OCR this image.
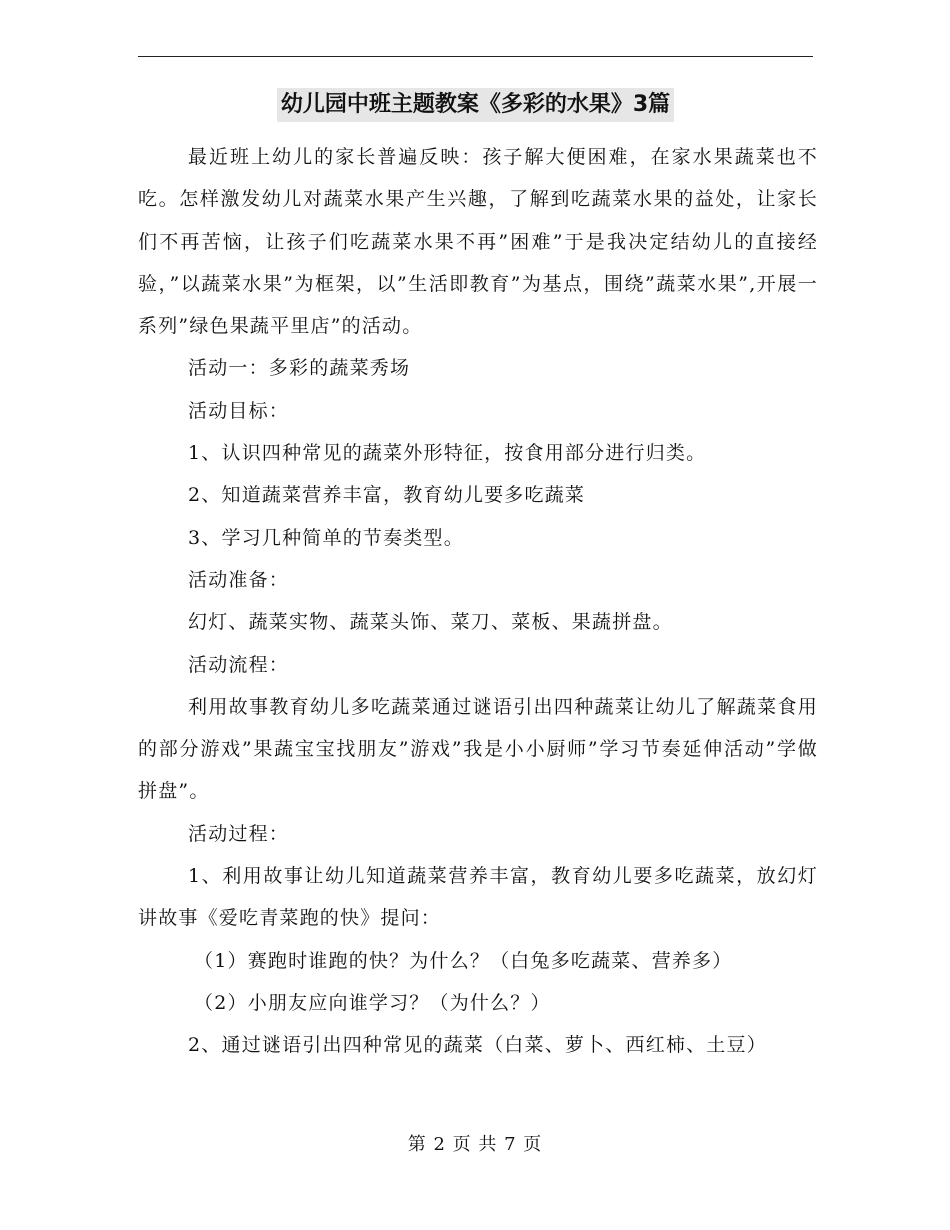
幼儿园中班主题教案《多彩的水果》3篇

最近班上幼儿的家长普遍反映：孩子解大便困难，在家水果蔬菜也不吃。怎样激发幼儿对蔬菜水果产生兴趣，了解到吃蔬菜水果的益处，让家长们不再苦恼，让孩子们吃蔬菜水果不再”困难”于是我决定结幼儿的直接经验，”以蔬菜水果”为框架，以”生活即教育”为基点，围绕”蔬菜水果”,开展一系列”绿色果蔬平里店”的活动。

活动一：多彩的蔬菜秀场

活动目标：

1、认识四种常见的蔬菜外形特征，按食用部分进行归类。

2、知道蔬菜营养丰富，教育幼儿要多吃蔬菜

3、学习几种简单的节奏类型。

活动准备：

幻灯、蔬菜实物、蔬菜头饰、菜刀、菜板、果蔬拼盘。

活动流程：

利用故事教育幼儿多吃蔬菜通过谜语引出四种蔬菜让幼儿了解蔬菜食用的部分游戏”果蔬宝宝找朋友”游戏”我是小小厨师”学习节奏延伸活动”学做拼盘”。

活动过程：

1、利用故事让幼儿知道蔬菜营养丰富，教育幼儿要多吃蔬菜，放幻灯讲故事《爱吃青菜跑的快》提问：

（1）赛跑时谁跑的快？为什么？（白兔多吃蔬菜、营养多）

（2）小朋友应向谁学习？（为什么？）

2、通过谜语引出四种常见的蔬菜（白菜、萝卜、西红柿、土豆）

第 2 页 共 7 页
